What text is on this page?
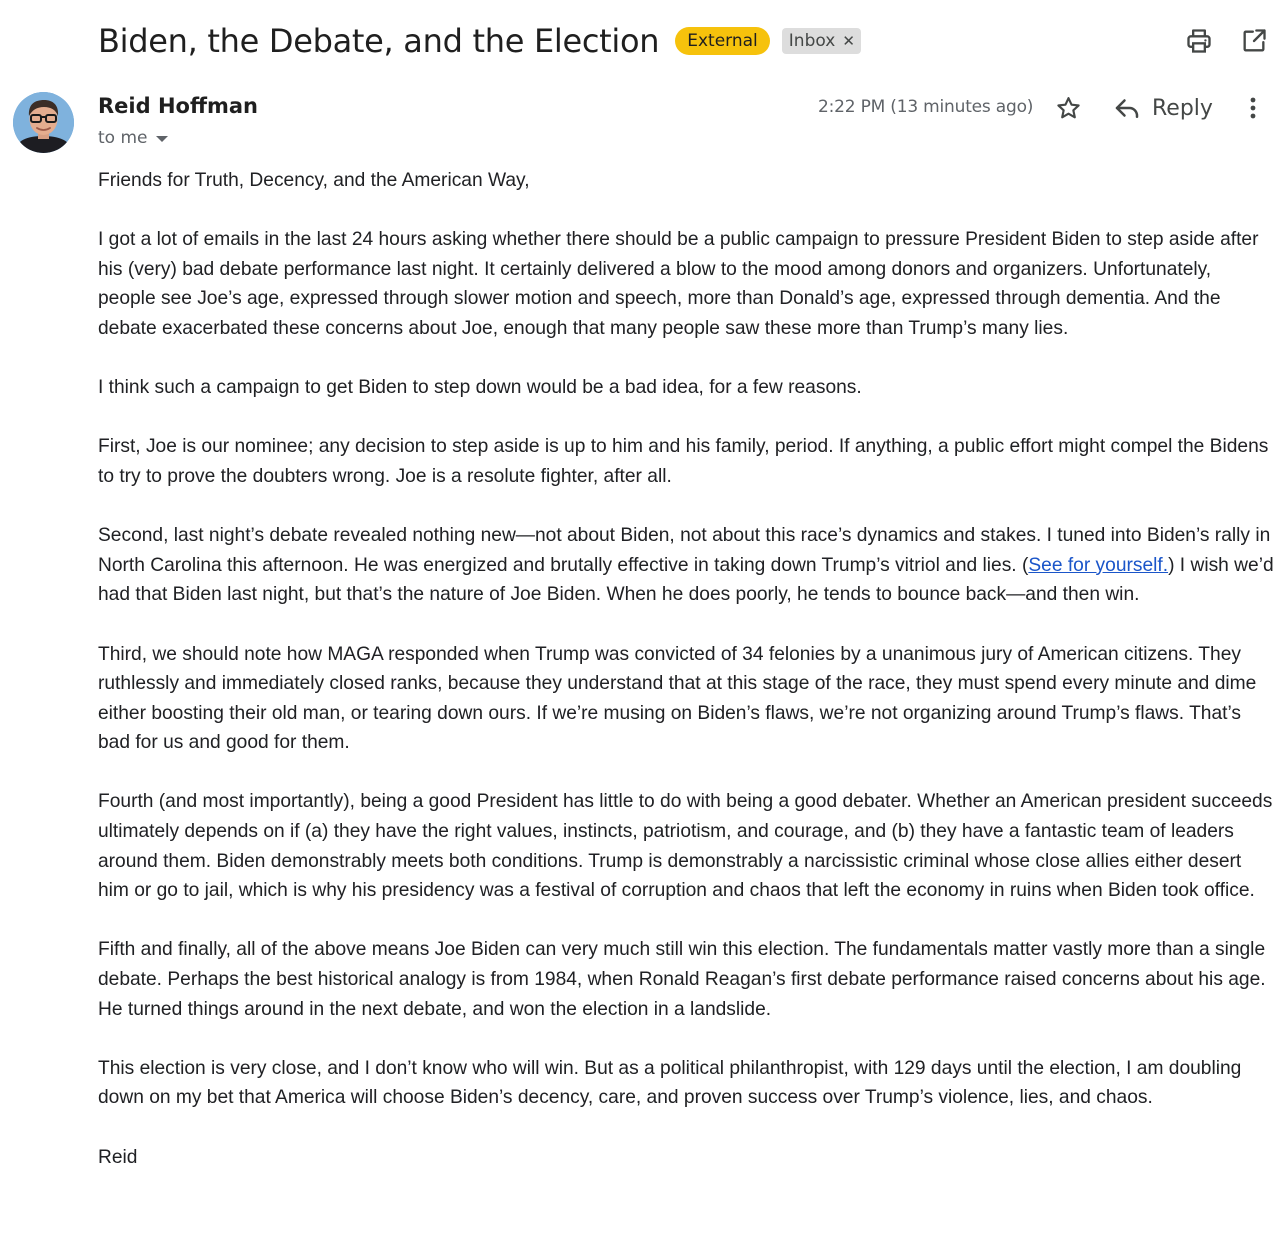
Biden, the Debate, and the Election	External	Inbox ✕
Reid Hoffman
to me
2:22 PM (13 minutes ago)	Reply

Friends for Truth, Decency, and the American Way,

I got a lot of emails in the last 24 hours asking whether there should be a public campaign to pressure President Biden to step aside after his (very) bad debate performance last night. It certainly delivered a blow to the mood among donors and organizers. Unfortunately, people see Joe’s age, expressed through slower motion and speech, more than Donald’s age, expressed through dementia. And the debate exacerbated these concerns about Joe, enough that many people saw these more than Trump’s many lies.

I think such a campaign to get Biden to step down would be a bad idea, for a few reasons.

First, Joe is our nominee; any decision to step aside is up to him and his family, period. If anything, a public effort might compel the Bidens to try to prove the doubters wrong. Joe is a resolute fighter, after all.

Second, last night’s debate revealed nothing new—not about Biden, not about this race’s dynamics and stakes. I tuned into Biden’s rally in North Carolina this afternoon. He was energized and brutally effective in taking down Trump’s vitriol and lies. (See for yourself.) I wish we’d had that Biden last night, but that’s the nature of Joe Biden. When he does poorly, he tends to bounce back—and then win.

Third, we should note how MAGA responded when Trump was convicted of 34 felonies by a unanimous jury of American citizens. They ruthlessly and immediately closed ranks, because they understand that at this stage of the race, they must spend every minute and dime either boosting their old man, or tearing down ours. If we’re musing on Biden’s flaws, we’re not organizing around Trump’s flaws. That’s bad for us and good for them.

Fourth (and most importantly), being a good President has little to do with being a good debater. Whether an American president succeeds ultimately depends on if (a) they have the right values, instincts, patriotism, and courage, and (b) they have a fantastic team of leaders around them. Biden demonstrably meets both conditions. Trump is demonstrably a narcissistic criminal whose close allies either desert him or go to jail, which is why his presidency was a festival of corruption and chaos that left the economy in ruins when Biden took office.

Fifth and finally, all of the above means Joe Biden can very much still win this election. The fundamentals matter vastly more than a single debate. Perhaps the best historical analogy is from 1984, when Ronald Reagan’s first debate performance raised concerns about his age. He turned things around in the next debate, and won the election in a landslide.

This election is very close, and I don’t know who will win. But as a political philanthropist, with 129 days until the election, I am doubling down on my bet that America will choose Biden’s decency, care, and proven success over Trump’s violence, lies, and chaos.

Reid
